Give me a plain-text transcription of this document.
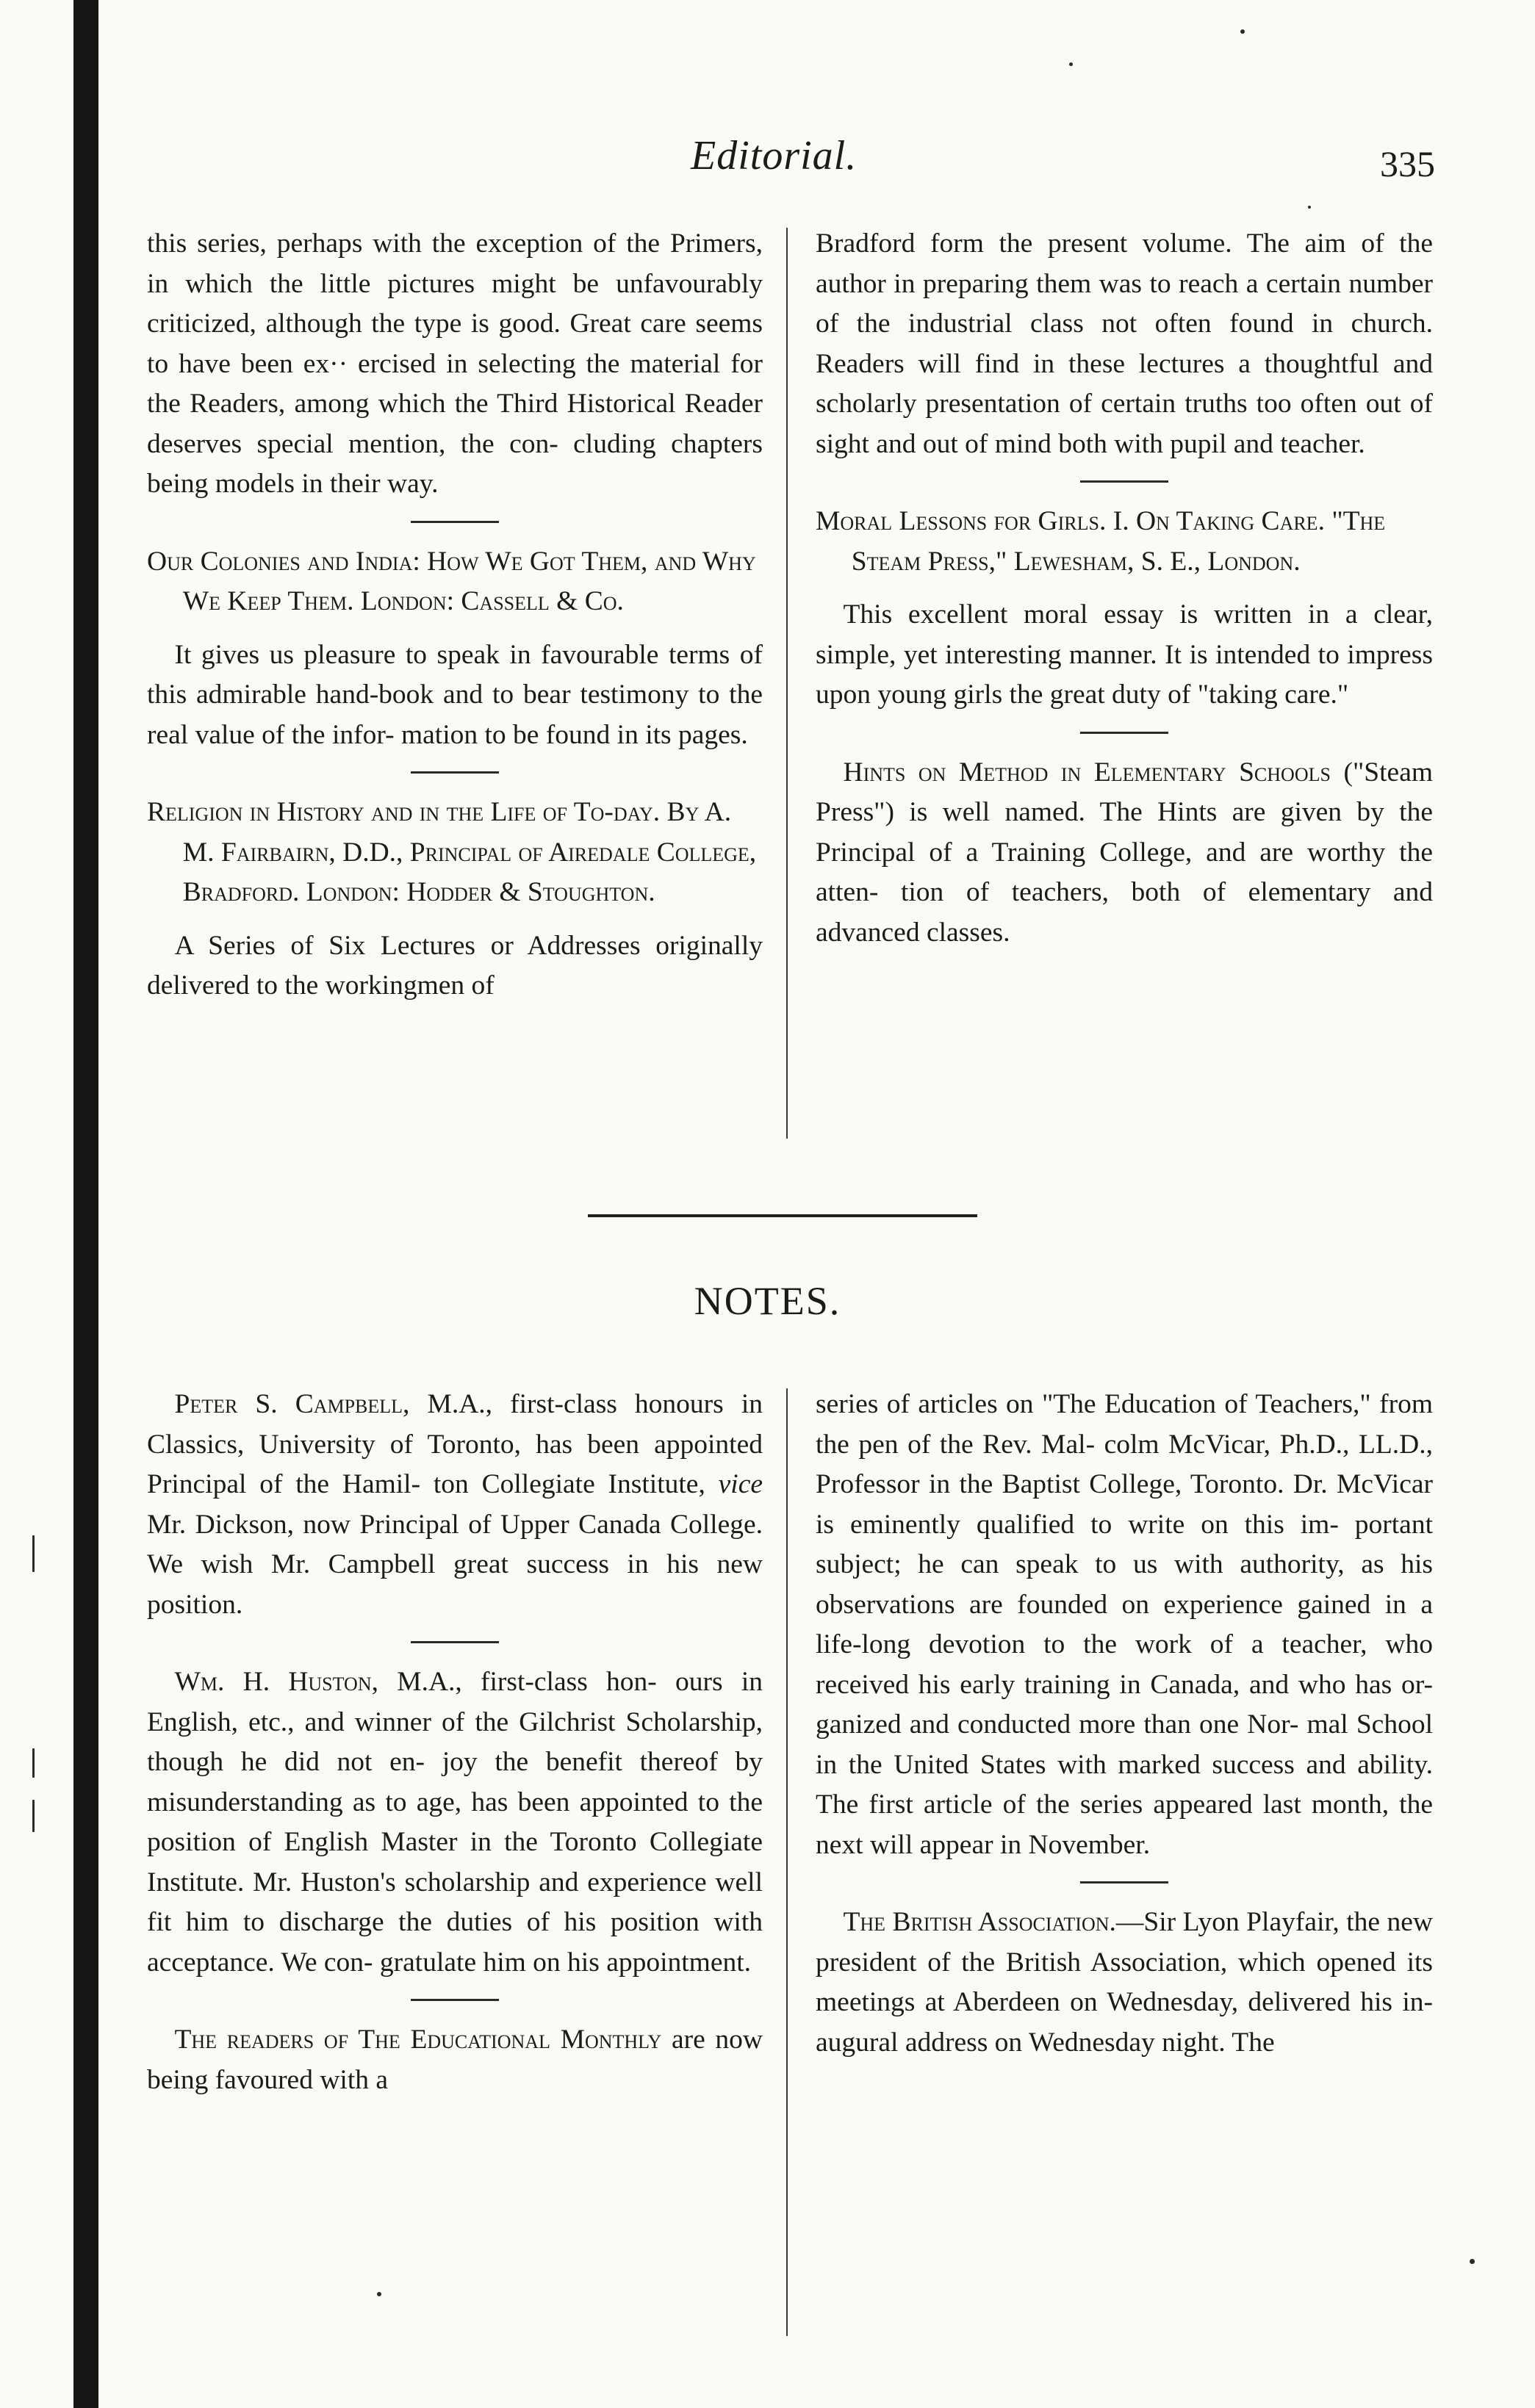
Editorial.	335

this series, perhaps with the exception of the Primers, in which the little pictures might be unfavourably criticized, although the type is good. Great care seems to have been ex·· ercised in selecting the material for the Readers, among which the Third Historical Reader deserves special mention, the con- cluding chapters being models in their way.

Our Colonies and India: How We Got Them, and Why We Keep Them. London: Cassell & Co.

It gives us pleasure to speak in favourable terms of this admirable hand-book and to bear testimony to the real value of the infor- mation to be found in its pages.

Religion in History and in the Life of To-day. By A. M. Fairbairn, D.D., Principal of Airedale College, Bradford. London: Hodder & Stoughton.

A Series of Six Lectures or Addresses originally delivered to the workingmen of

Bradford form the present volume. The aim of the author in preparing them was to reach a certain number of the industrial class not often found in church. Readers will find in these lectures a thoughtful and scholarly presentation of certain truths too often out of sight and out of mind both with pupil and teacher.

Moral Lessons for Girls. I. On Taking Care. "The Steam Press," Lewesham, S. E., London.

This excellent moral essay is written in a clear, simple, yet interesting manner. It is intended to impress upon young girls the great duty of "taking care."

Hints on Method in Elementary Schools ("Steam Press") is well named. The Hints are given by the Principal of a Training College, and are worthy the atten- tion of teachers, both of elementary and advanced classes.

NOTES.

Peter S. Campbell, M.A., first-class honours in Classics, University of Toronto, has been appointed Principal of the Hamil- ton Collegiate Institute, vice Mr. Dickson, now Principal of Upper Canada College. We wish Mr. Campbell great success in his new position.

Wm. H. Huston, M.A., first-class hon- ours in English, etc., and winner of the Gilchrist Scholarship, though he did not en- joy the benefit thereof by misunderstanding as to age, has been appointed to the position of English Master in the Toronto Collegiate Institute. Mr. Huston's scholarship and experience well fit him to discharge the duties of his position with acceptance. We con- gratulate him on his appointment.

The readers of The Educational Monthly are now being favoured with a

series of articles on "The Education of Teachers," from the pen of the Rev. Mal- colm McVicar, Ph.D., LL.D., Professor in the Baptist College, Toronto. Dr. McVicar is eminently qualified to write on this im- portant subject; he can speak to us with authority, as his observations are founded on experience gained in a life-long devotion to the work of a teacher, who received his early training in Canada, and who has or- ganized and conducted more than one Nor- mal School in the United States with marked success and ability. The first article of the series appeared last month, the next will appear in November.

The British Association.—Sir Lyon Playfair, the new president of the British Association, which opened its meetings at Aberdeen on Wednesday, delivered his in- augural address on Wednesday night. The
